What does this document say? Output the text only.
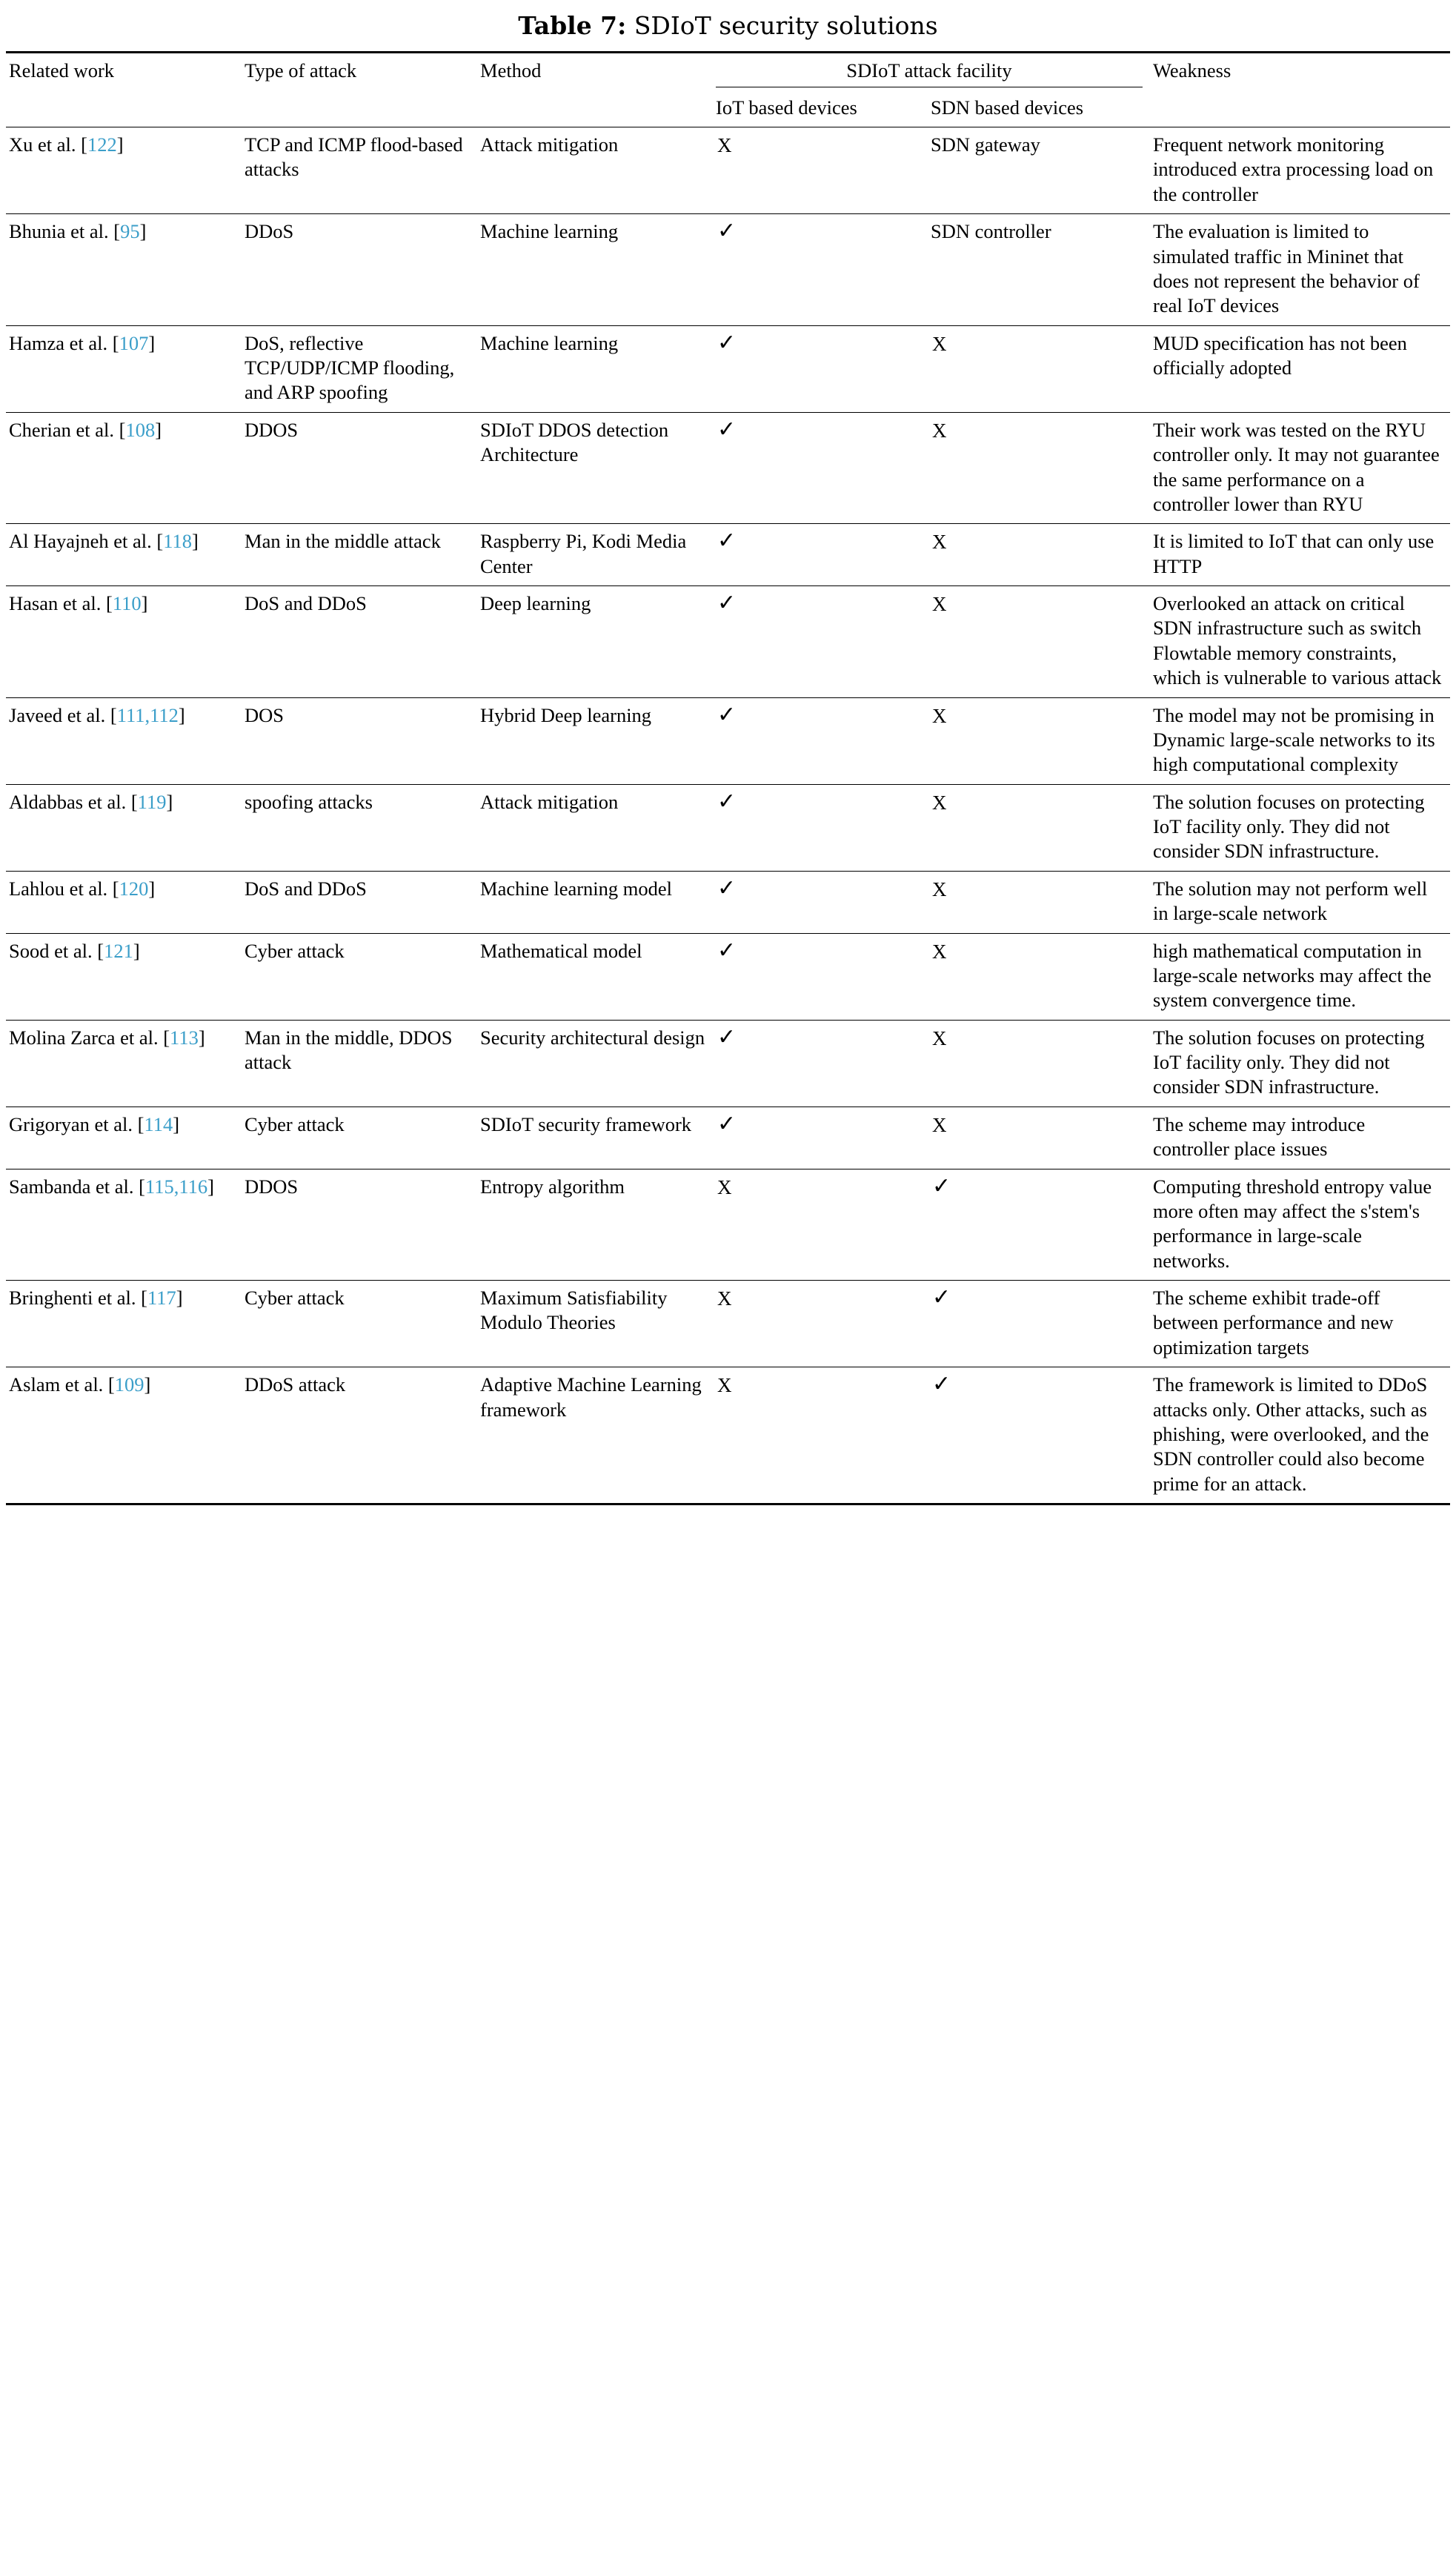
Table 7: SDIoT security solutions
Related work	Type of attack	Method	SDIoT attack facility		Weakness
			IoT based devices	SDN based devices	
Xu et al. [122]	TCP and ICMP flood-based attacks	Attack mitigation	X	SDN gateway	Frequent network monitoring introduced extra processing load on the controller
Bhunia et al. [95]	DDoS	Machine learning	✓	SDN controller	The evaluation is limited to simulated traffic in Mininet that does not represent the behavior of real IoT devices
Hamza et al. [107]	DoS, reflective TCP/UDP/ICMP flooding, and ARP spoofing	Machine learning	✓	X	MUD specification has not been officially adopted
Cherian et al. [108]	DDOS	SDIoT DDOS detection Architecture	✓	X	Their work was tested on the RYU controller only. It may not guarantee the same performance on a controller lower than RYU
Al Hayajneh et al. [118]	Man in the middle attack	Raspberry Pi, Kodi Media Center	✓	X	It is limited to IoT that can only use HTTP
Hasan et al. [110]	DoS and DDoS	Deep learning	✓	X	Overlooked an attack on critical SDN infrastructure such as switch Flowtable memory constraints, which is vulnerable to various attack
Javeed et al. [111,112]	DOS	Hybrid Deep learning	✓	X	The model may not be promising in Dynamic large-scale networks to its high computational complexity
Aldabbas et al. [119]	spoofing attacks	Attack mitigation	✓	X	The solution focuses on protecting IoT facility only. They did not consider SDN infrastructure.
Lahlou et al. [120]	DoS and DDoS	Machine learning model	✓	X	The solution may not perform well in large-scale network
Sood et al. [121]	Cyber attack	Mathematical model	✓	X	high mathematical computation in large-scale networks may affect the system convergence time.
Molina Zarca et al. [113]	Man in the middle, DDOS attack	Security architectural design	✓	X	The solution focuses on protecting IoT facility only. They did not consider SDN infrastructure.
Grigoryan et al. [114]	Cyber attack	SDIoT security framework	✓	X	The scheme may introduce controller place issues
Sambanda et al. [115,116]	DDOS	Entropy algorithm	X	✓	Computing threshold entropy value more often may affect the s'stem's performance in large-scale networks.
Bringhenti et al. [117]	Cyber attack	Maximum Satisfiability Modulo Theories	X	✓	The scheme exhibit trade-off between performance and new optimization targets
Aslam et al. [109]	DDoS attack	Adaptive Machine Learning framework	X	✓	The framework is limited to DDoS attacks only. Other attacks, such as phishing, were overlooked, and the SDN controller could also become prime for an attack.
